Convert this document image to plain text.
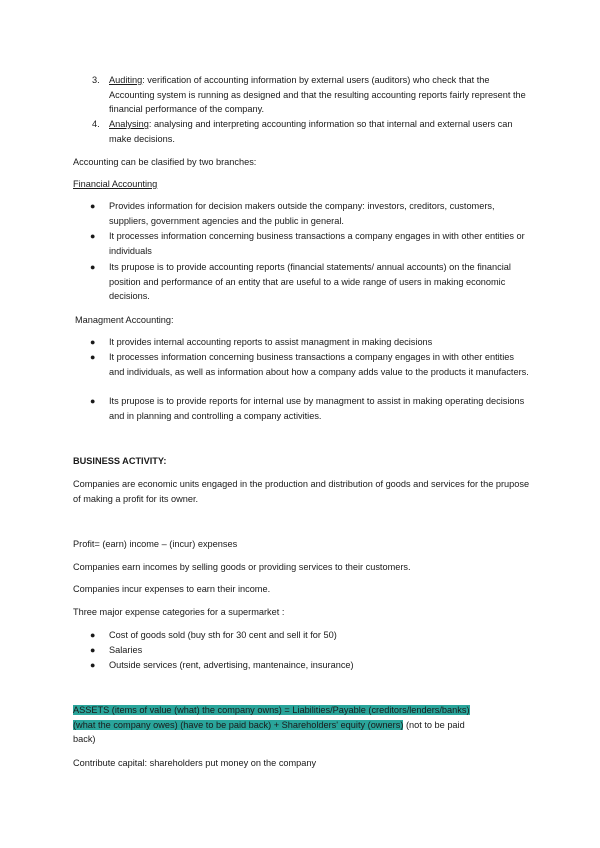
3. Auditing: verification of accounting information by external users (auditors) who check that the Accounting system is running as designed and that the resulting accounting reports fairly represent the financial performance of the company.

4. Analysing: analysing and interpreting accounting information so that internal and external users can make decisions.

Accounting can be clasified by two branches:

Financial Accounting

● Provides information for decision makers outside the company: investors, creditors, customers, suppliers, government agencies and the public in general.

● It processes information concerning business transactions a company engages in with other entities or individuals

● Its prupose is to provide accounting reports (financial statements/ annual accounts) on the financial position and performance of an entity that are useful to a wide range of users in making economic decisions.

Managment Accounting:

● It provides internal accounting reports to assist managment in making decisions

● It processes information concerning business transactions a company engages in with other entities and individuals, as well as information about how a company adds value to the products it manufacters.

● Its prupose is to provide reports for internal use by managment to assist in making operating decisions and in planning and controlling a company activities.

BUSINESS ACTIVITY:

Companies are economic units engaged in the production and distribution of goods and services for the prupose of making a profit for its owner.

Profit= (earn) income – (incur) expenses

Companies earn incomes by selling goods or providing services to their customers.

Companies incur expenses to earn their income.

Three major expense categories for a supermarket :

● Cost of goods sold (buy sth for 30 cent and sell it for 50)

● Salaries

● Outside services (rent, advertising, mantenaince, insurance)

ASSETS (items of value (what) the company owns) = Liabilities/Payable (creditors/lenders/banks)
(what the company owes) (have to be paid back) + Shareholders' equity (owners) (not to be paid
back)

Contribute capital: shareholders put money on the company
